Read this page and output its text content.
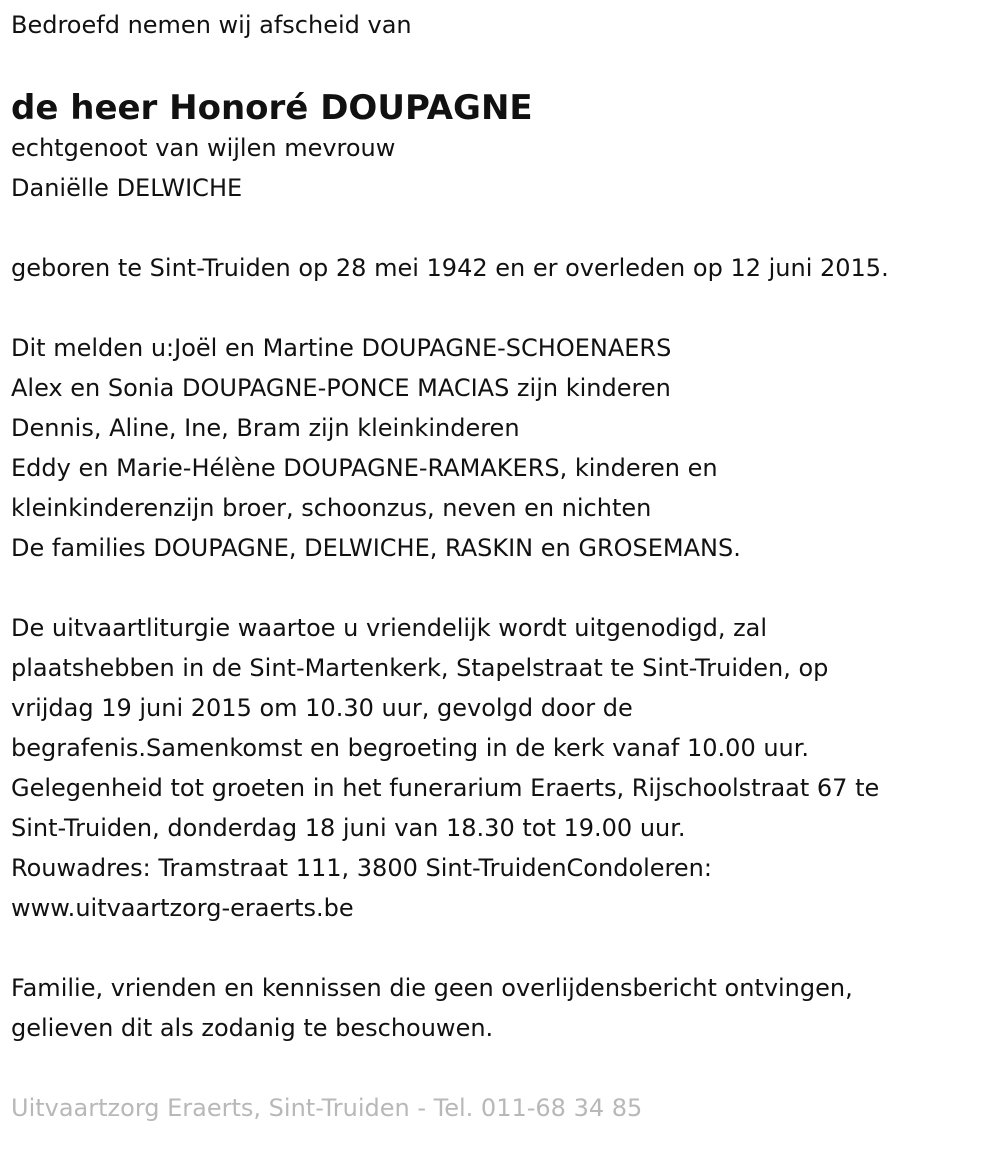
Bedroefd nemen wij afscheid van
de heer Honoré DOUPAGNE
echtgenoot van wijlen mevrouw
Daniëlle DELWICHE
geboren te Sint-Truiden op 28 mei 1942 en er overleden op 12 juni 2015.
Dit melden u:Joël en Martine DOUPAGNE-SCHOENAERS
Alex en Sonia DOUPAGNE-PONCE MACIAS zijn kinderen
Dennis, Aline, Ine, Bram zijn kleinkinderen
Eddy en Marie-Hélène DOUPAGNE-RAMAKERS, kinderen en
kleinkinderenzijn broer, schoonzus, neven en nichten
De families DOUPAGNE, DELWICHE, RASKIN en GROSEMANS.
De uitvaartliturgie waartoe u vriendelijk wordt uitgenodigd, zal
plaatshebben in de Sint-Martenkerk, Stapelstraat te Sint-Truiden, op
vrijdag 19 juni 2015 om 10.30 uur, gevolgd door de
begrafenis.Samenkomst en begroeting in de kerk vanaf 10.00 uur.
Gelegenheid tot groeten in het funerarium Eraerts, Rijschoolstraat 67 te
Sint-Truiden, donderdag 18 juni van 18.30 tot 19.00 uur.
Rouwadres: Tramstraat 111, 3800 Sint-TruidenCondoleren:
www.uitvaartzorg-eraerts.be
Familie, vrienden en kennissen die geen overlijdensbericht ontvingen,
gelieven dit als zodanig te beschouwen.
Uitvaartzorg Eraerts, Sint-Truiden - Tel. 011-68 34 85
